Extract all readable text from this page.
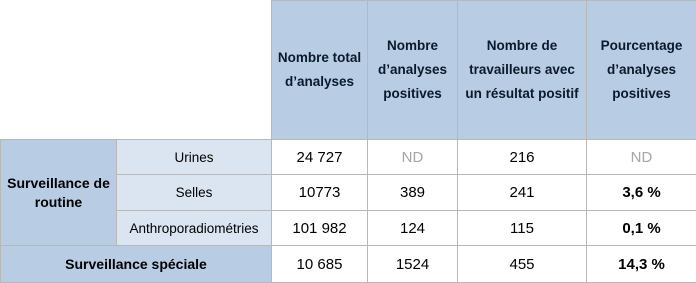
		Nombre total d’analyses	Nombre d’analyses positives	Nombre de travailleurs avec un résultat positif	Pourcentage d’analyses positives
Surveillance de routine	Urines	24 727	ND	216	ND
	Selles	10773	389	241	3,6 %
	Anthroporadiométries	101 982	124	115	0,1 %
Surveillance spéciale		10 685	1524	455	14,3 %
